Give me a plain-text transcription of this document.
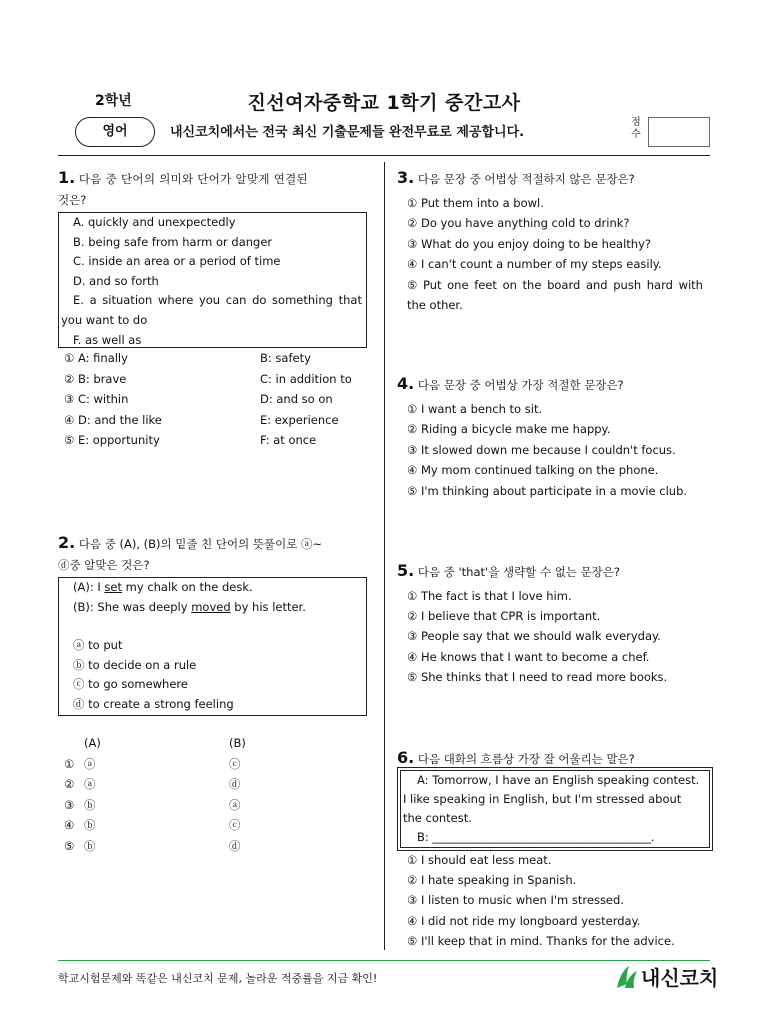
2학년	진선여자중학교 1학기 중간고사
영어	내신코치에서는 전국 최신 기출문제들 완전무료로 제공합니다.
점수
1. 다음 중 단어의 의미와 단어가 알맞게 연결된
것은?
A. quickly and unexpectedly
B. being safe from harm or danger
C. inside an area or a period of time
D. and so forth
E. a situation where you can do something that
you want to do
F. as well as
① A: finally	B: safety
② B: brave	C: in addition to
③ C: within	D: and so on
④ D: and the like	E: experience
⑤ E: opportunity	F: at once
2. 다음 중 (A), (B)의 밑줄 친 단어의 뜻풀이로 ⓐ~
ⓓ중 알맞은 것은?
(A): I set my chalk on the desk.
(B): She was deeply moved by his letter.
ⓐ to put
ⓑ to decide on a rule
ⓒ to go somewhere
ⓓ to create a strong feeling
(A)	(B)
① ⓐ	ⓒ
② ⓐ	ⓓ
③ ⓑ	ⓐ
④ ⓑ	ⓒ
⑤ ⓑ	ⓓ
3. 다음 문장 중 어법상 적절하지 않은 문장은?
① Put them into a bowl.
② Do you have anything cold to drink?
③ What do you enjoy doing to be healthy?
④ I can't count a number of my steps easily.
⑤ Put one feet on the board and push hard with
the other.
4. 다음 문장 중 어법상 가장 적절한 문장은?
① I want a bench to sit.
② Riding a bicycle make me happy.
③ It slowed down me because I couldn't focus.
④ My mom continued talking on the phone.
⑤ I'm thinking about participate in a movie club.
5. 다음 중 'that'을 생략할 수 없는 문장은?
① The fact is that I love him.
② I believe that CPR is important.
③ People say that we should walk everyday.
④ He knows that I want to become a chef.
⑤ She thinks that I need to read more books.
6. 다음 대화의 흐름상 가장 잘 어울리는 말은?
A: Tomorrow, I have an English speaking contest.
I like speaking in English, but I'm stressed about
the contest.
B: ______________________________________.
① I should eat less meat.
② I hate speaking in Spanish.
③ I listen to music when I'm stressed.
④ I did not ride my longboard yesterday.
⑤ I'll keep that in mind. Thanks for the advice.
학교시험문제와 똑같은 내신코치 문제, 놀라운 적중률을 지금 확인!	내신코치
